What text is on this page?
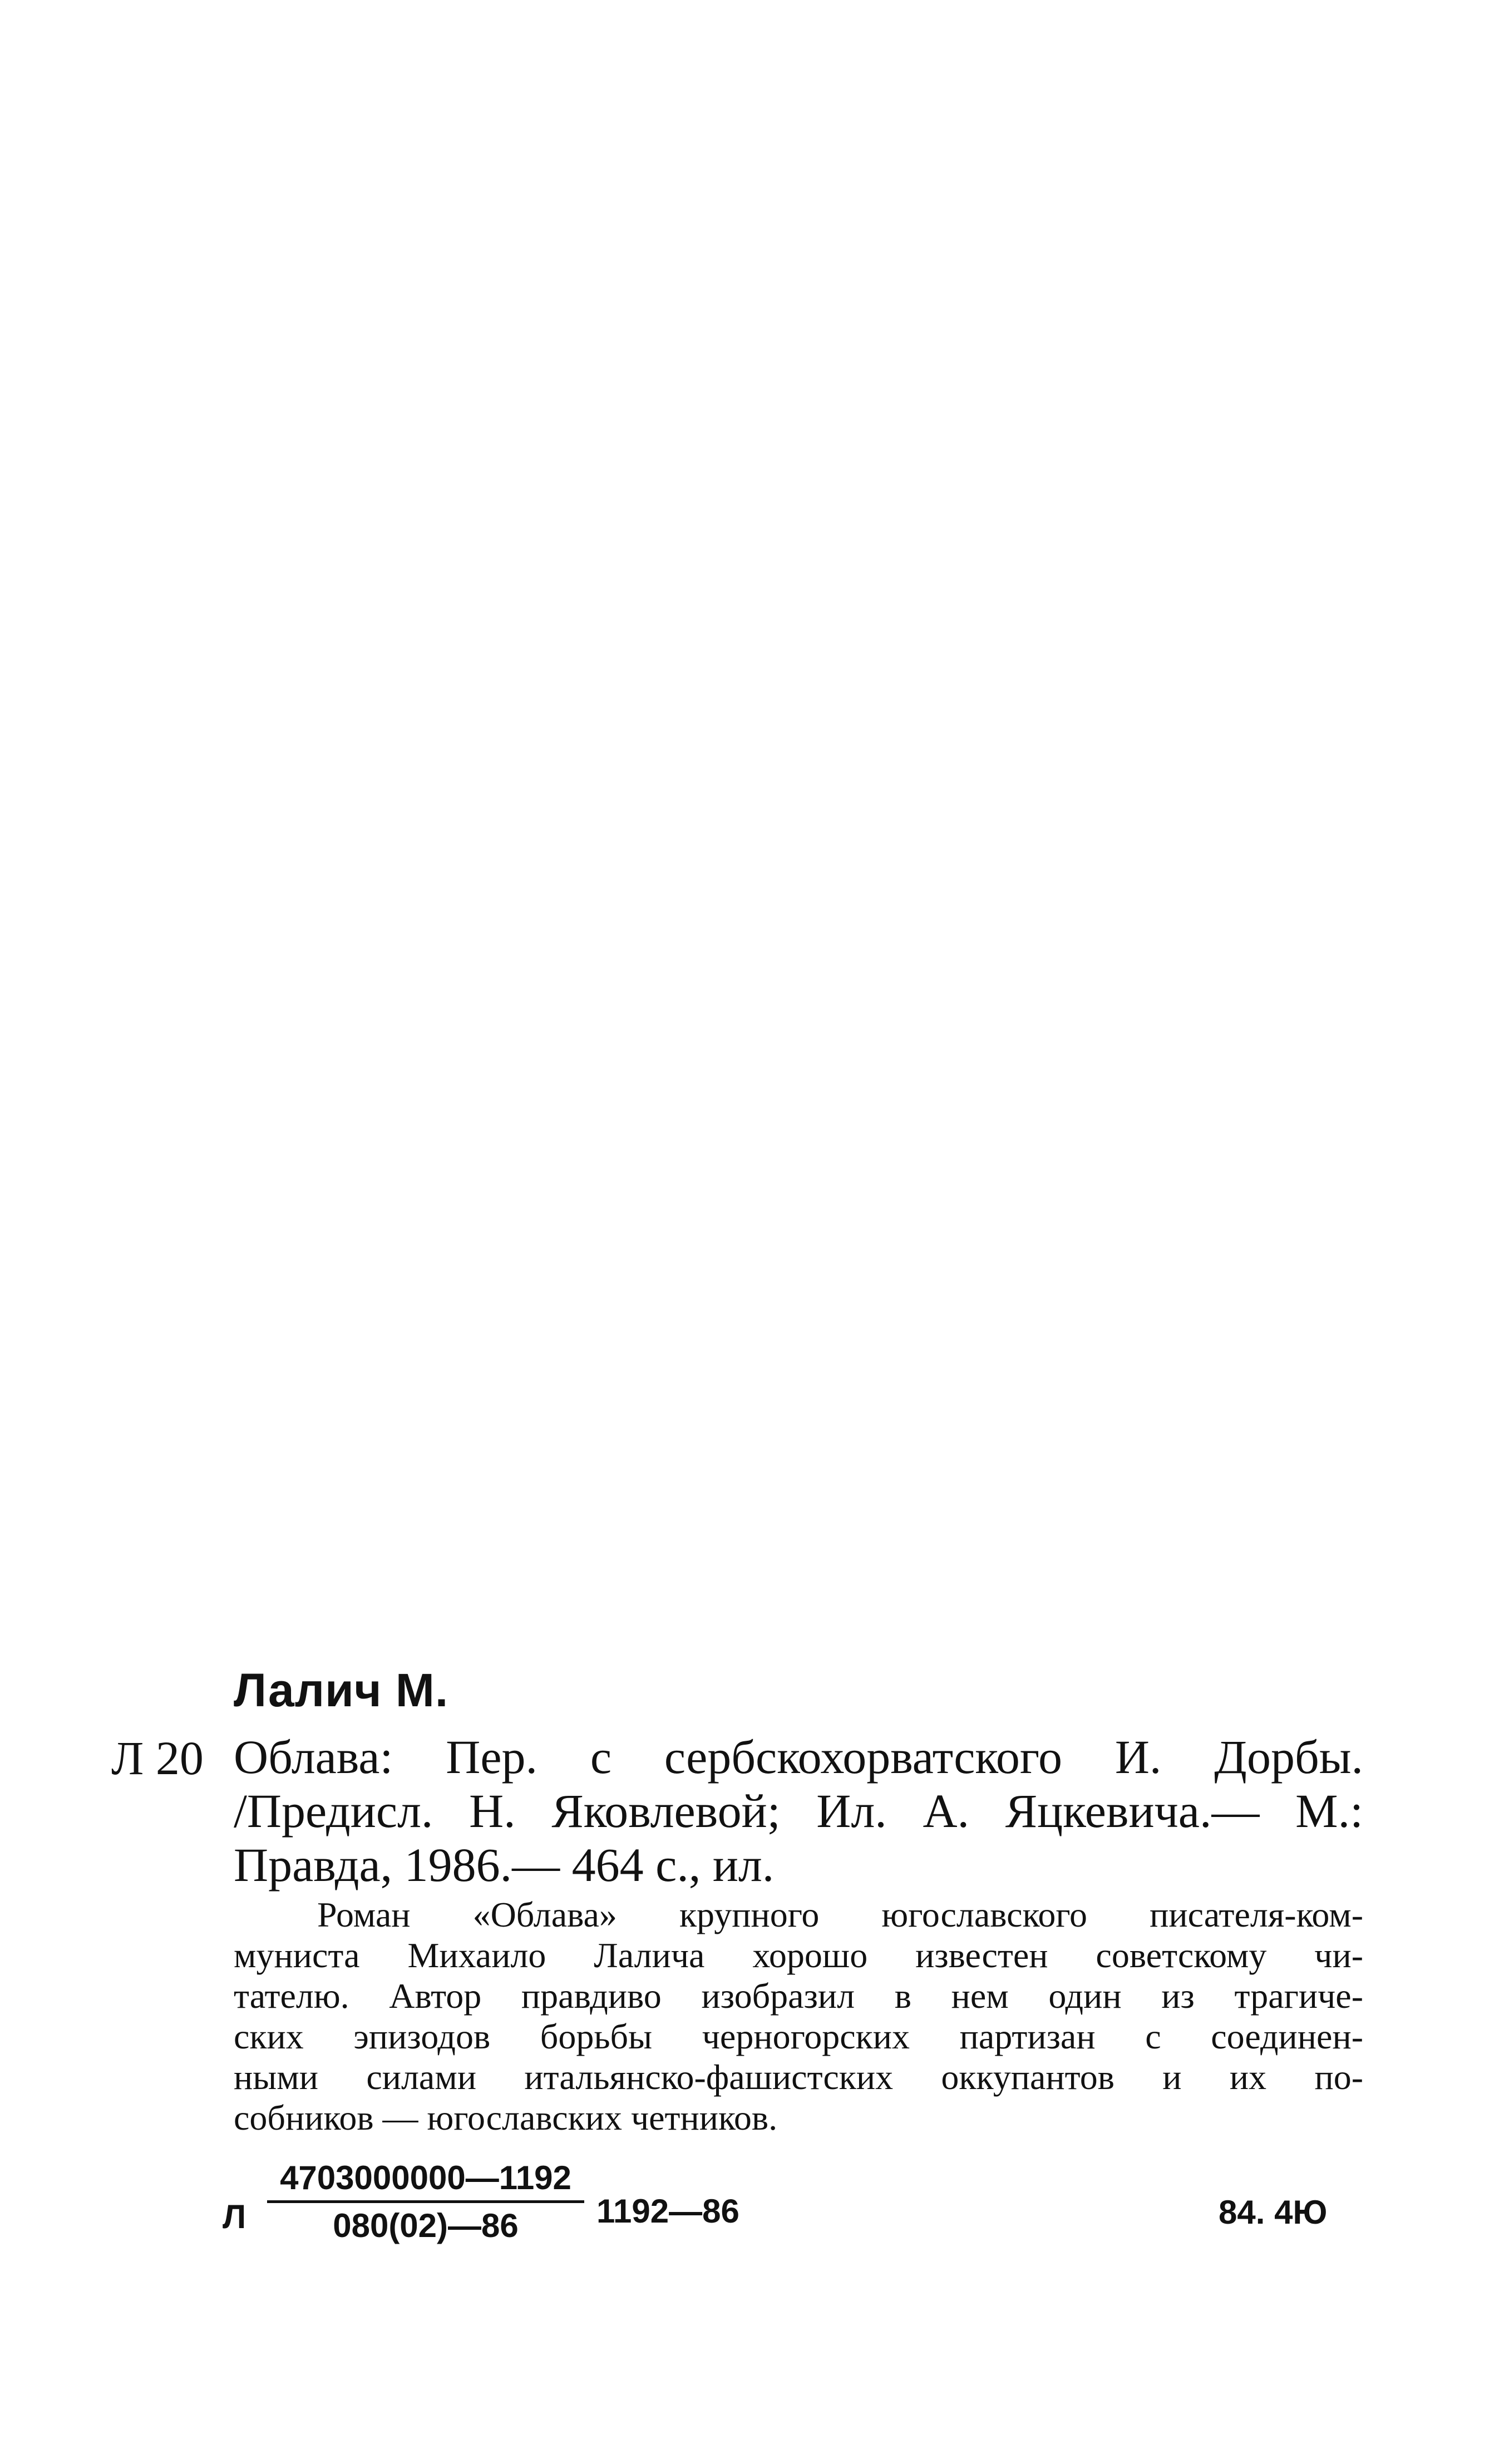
Лалич М.
Л 20 Облава: Пер. с сербскохорватского И. Дорбы.
/Предисл. Н. Яковлевой; Ил. А. Яцкевича.— М.:
Правда, 1986.— 464 с., ил.
Роман «Облава» крупного югославского писателя-ком-
муниста Михаило Лалича хорошо известен советскому чи-
тателю. Автор правдиво изобразил в нем один из трагиче-
ских эпизодов борьбы черногорских партизан с соединен-
ными силами итальянско-фашистских оккупантов и их по-
собников — югославских четников.
Л
4703000000—1192
080(02)—86	1192—86	84. 4Ю
